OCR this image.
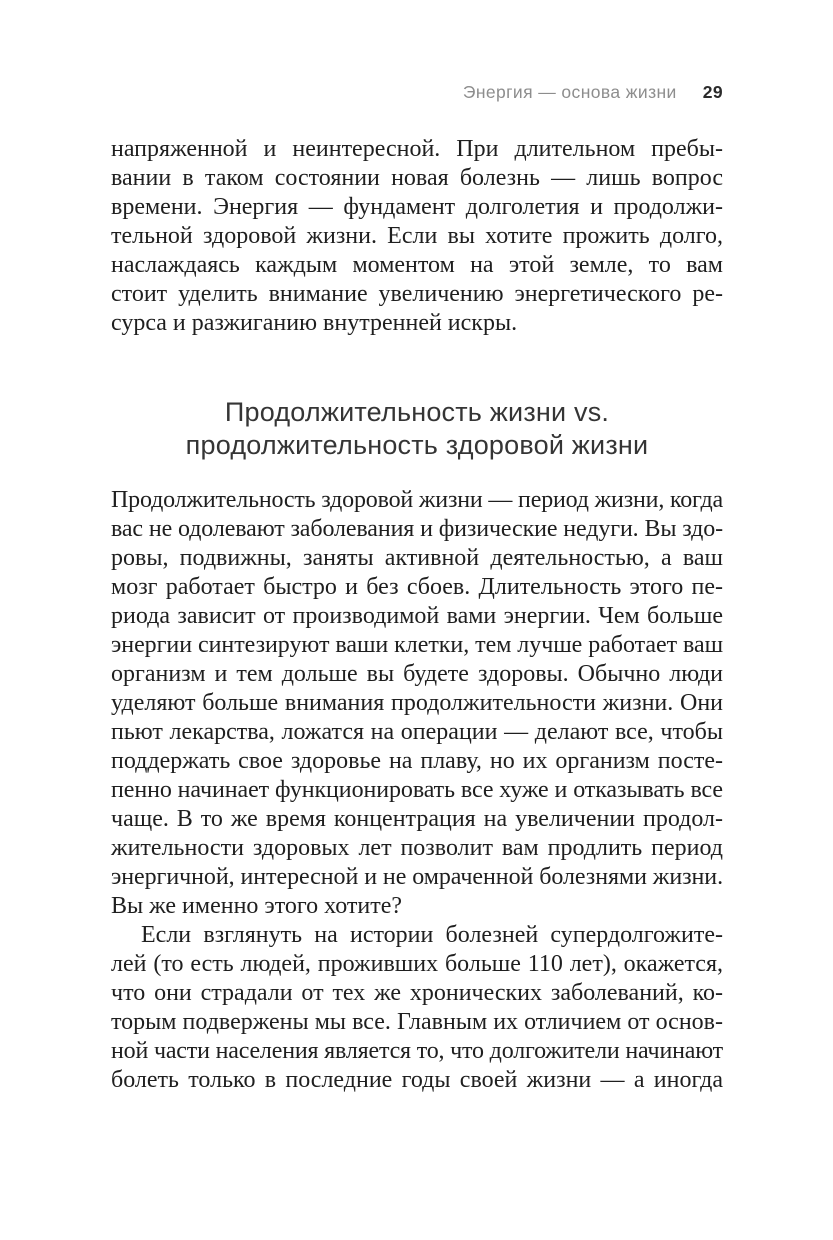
Энергия — основа жизни 29
напряженной и неинтересной. При длительном пребы-
вании в таком состоянии новая болезнь — лишь вопрос
времени. Энергия — фундамент долголетия и продолжи-
тельной здоровой жизни. Если вы хотите прожить долго,
наслаждаясь каждым моментом на этой земле, то вам
стоит уделить внимание увеличению энергетического ре-
сурса и разжиганию внутренней искры.
Продолжительность жизни vs.
продолжительность здоровой жизни
Продолжительность здоровой жизни — период жизни, когда
вас не одолевают заболевания и физические недуги. Вы здо-
ровы, подвижны, заняты активной деятельностью, а ваш
мозг работает быстро и без сбоев. Длительность этого пе-
риода зависит от производимой вами энергии. Чем больше
энергии синтезируют ваши клетки, тем лучше работает ваш
организм и тем дольше вы будете здоровы. Обычно люди
уделяют больше внимания продолжительности жизни. Они
пьют лекарства, ложатся на операции — делают все, чтобы
поддержать свое здоровье на плаву, но их организм посте-
пенно начинает функционировать все хуже и отказывать все
чаще. В то же время концентрация на увеличении продол-
жительности здоровых лет позволит вам продлить период
энергичной, интересной и не омраченной болезнями жизни.
Вы же именно этого хотите?
Если взглянуть на истории болезней супердолгожите-
лей (то есть людей, проживших больше 110 лет), окажется,
что они страдали от тех же хронических заболеваний, ко-
торым подвержены мы все. Главным их отличием от основ-
ной части населения является то, что долгожители начинают
болеть только в последние годы своей жизни — а иногда
